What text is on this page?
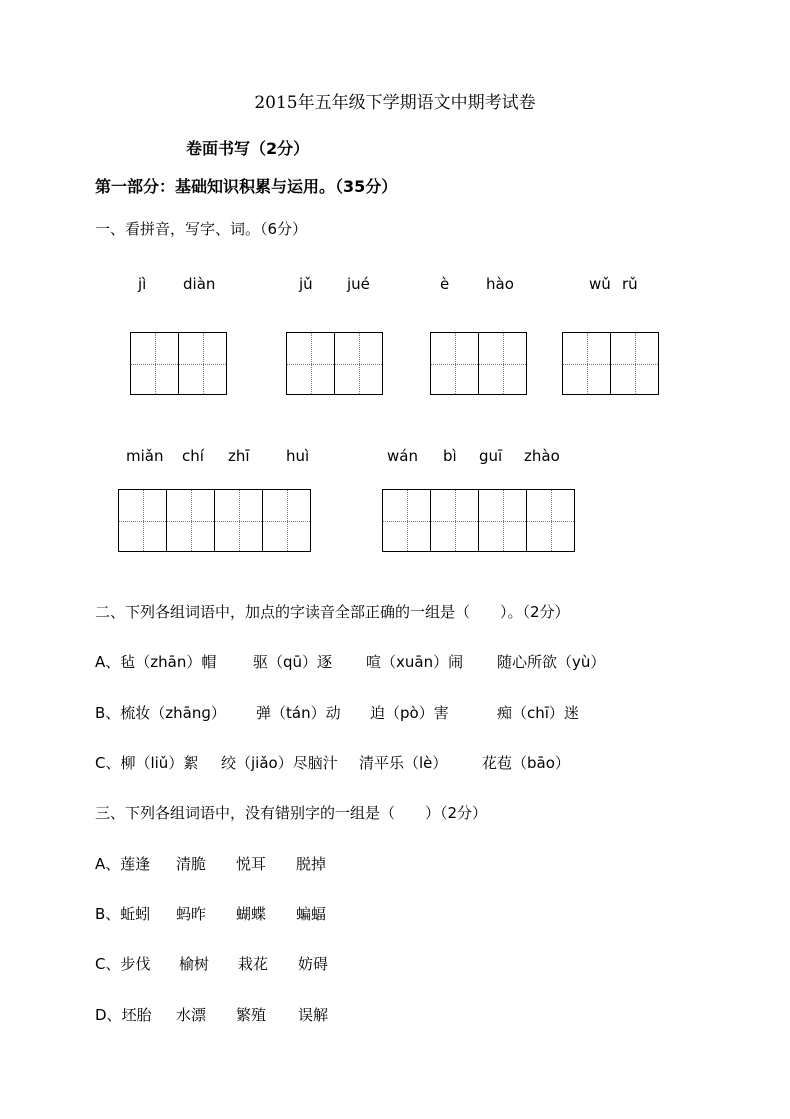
2015年五年级下学期语文中期考试卷
卷面书写（2分）
第一部分：基础知识积累与运用。（35分）
一、看拼音，写字、词。（6分）
jì diàn	jǔ jué	è hào	wǔ rǔ
miǎn chí zhī huì	wán bì guī zhào
二、下列各组词语中，加点的字读音全部正确的一组是（　　）。（2分）
A、毡（zhān）帽 驱（qū）逐 喧（xuān）闹 随心所欲（yù）
B、梳妆（zhānɡ） 弹（tán）动 迫（pò）害	痴（chī）迷
C、柳（liǔ）絮 绞（jiǎo）尽脑汁 清平乐（lè） 花苞（bāo）
三、下列各组词语中，没有错别字的一组是（　　）（2分）
A、莲逢 清脆 悦耳 脱掉
B、蚯蚓 蚂昨 蝴蝶 蝙蝠
C、步伐 榆树 栽花 妨碍
D、坯胎 水漂 繁殖 误解
